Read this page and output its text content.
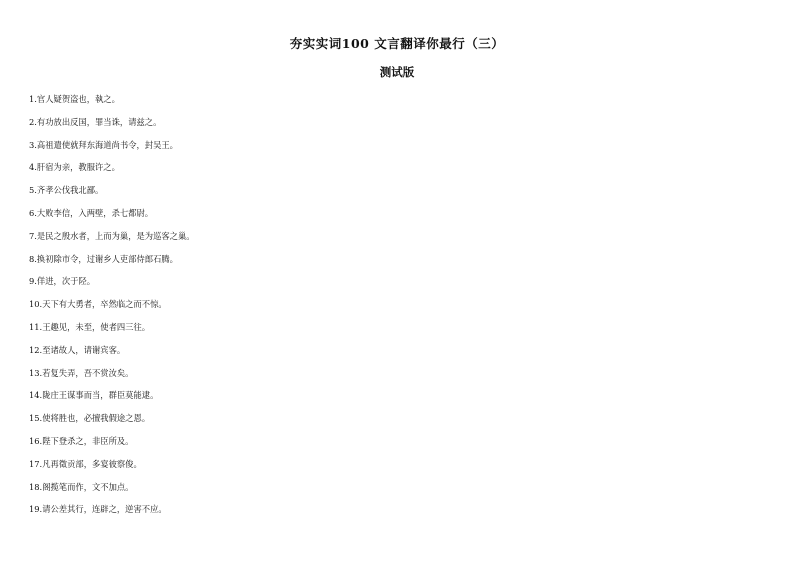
夯实实词100 文言翻译你最行（三）
测试版
1.官人疑贺盗也，執之。
2.有功放出反国，罪当诛，请兹之。
3.高祖遣使就拜东海道尚书令，封吴王。
4.肝宿为亲，教服许之。
5.齐孝公伐我北鄙。
6.大败李信，入两壁，杀七都尉。
7.是民之殷水者，上而为巢，是为巡客之巢。
8.换初除市令，过谢乡人吏部侍郎石腾。
9.佯进，次于陉。
10.天下有大勇者，卒然临之而不惊。
11.王趣见，未至，使者四三往。
12.至诸故人，请谢宾客。
13.若复失弄，吾不赏汝矣。
14.陇庄王谋事而当，群臣莫能逮。
15.使将胜也，必擅我假途之恩。
16.陛下登杀之，非臣所及。
17.凡再徵贡部，多宴彼察俊。
18.阁揽笔而作，文不加点。
19.请公差其行，连辟之，逆害不应。
